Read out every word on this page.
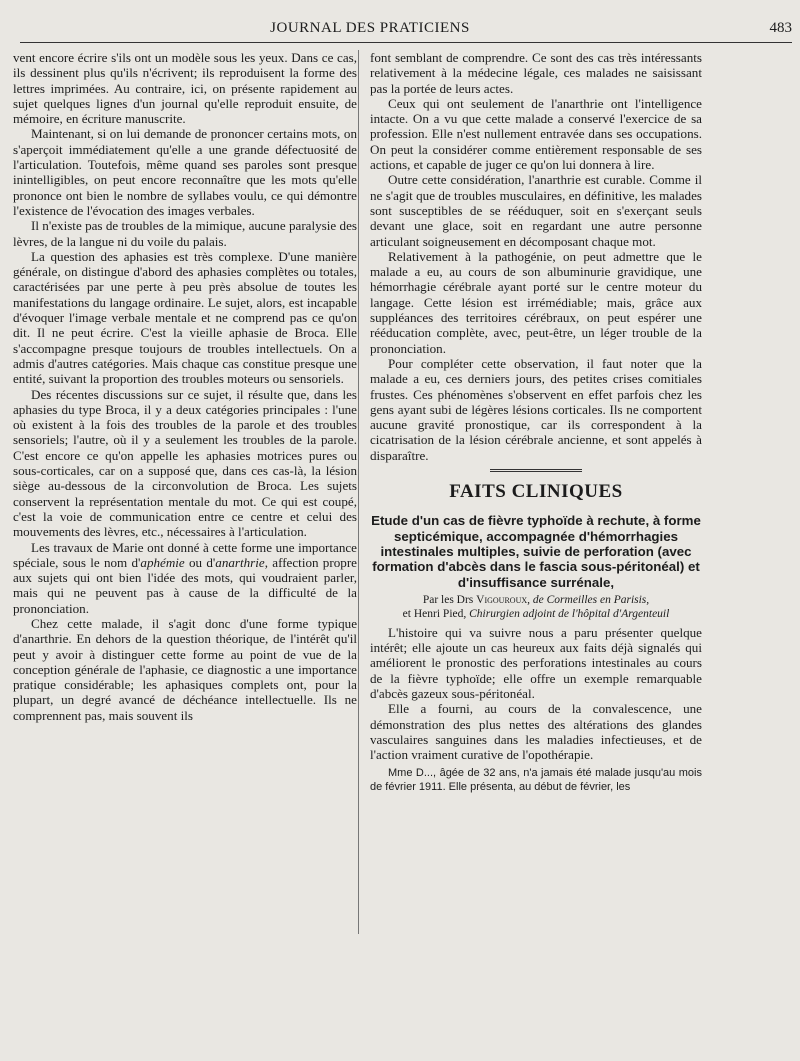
JOURNAL DES PRATICIENS	483

vent encore écrire s'ils ont un modèle sous les yeux. Dans ce cas, ils dessinent plus qu'ils n'écrivent; ils reproduisent la forme des lettres imprimées. Au contraire, ici, on présente rapidement au sujet quelques lignes d'un journal qu'elle reproduit ensuite, de mémoire, en écriture manuscrite.

Maintenant, si on lui demande de prononcer certains mots, on s'aperçoit immédiatement qu'elle a une grande défectuosité de l'articulation. Toutefois, même quand ses paroles sont presque inintelligibles, on peut encore reconnaître que les mots qu'elle prononce ont bien le nombre de syllabes voulu, ce qui démontre l'existence de l'évocation des images verbales.

Il n'existe pas de troubles de la mimique, aucune paralysie des lèvres, de la langue ni du voile du palais.

La question des aphasies est très complexe. D'une manière générale, on distingue d'abord des aphasies complètes ou totales, caractérisées par une perte à peu près absolue de toutes les manifestations du langage ordinaire. Le sujet, alors, est incapable d'évoquer l'image verbale mentale et ne comprend pas ce qu'on dit. Il ne peut écrire. C'est la vieille aphasie de Broca. Elle s'accompagne presque toujours de troubles intellectuels. On a admis d'autres catégories. Mais chaque cas constitue presque une entité, suivant la proportion des troubles moteurs ou sensoriels.

Des récentes discussions sur ce sujet, il résulte que, dans les aphasies du type Broca, il y a deux catégories principales : l'une où existent à la fois des troubles de la parole et des troubles sensoriels; l'autre, où il y a seulement les troubles de la parole. C'est encore ce qu'on appelle les aphasies motrices pures ou sous-corticales, car on a supposé que, dans ces cas-là, la lésion siège au-dessous de la circonvolution de Broca. Les sujets conservent la représentation mentale du mot. Ce qui est coupé, c'est la voie de communication entre ce centre et celui des mouvements des lèvres, etc., nécessaires à l'articulation.

Les travaux de Marie ont donné à cette forme une importance spéciale, sous le nom d'aphémie ou d'anarthrie, affection propre aux sujets qui ont bien l'idée des mots, qui voudraient parler, mais qui ne peuvent pas à cause de la difficulté de la prononciation.

Chez cette malade, il s'agit donc d'une forme typique d'anarthrie. En dehors de la question théorique, de l'intérêt qu'il peut y avoir à distinguer cette forme au point de vue de la conception générale de l'aphasie, ce diagnostic a une importance pratique considérable; les aphasiques complets ont, pour la plupart, un degré avancé de déchéance intellectuelle. Ils ne comprennent pas, mais souvent ils

font semblant de comprendre. Ce sont des cas très intéressants relativement à la médecine légale, ces malades ne saisissant pas la portée de leurs actes.

Ceux qui ont seulement de l'anarthrie ont l'intelligence intacte. On a vu que cette malade a conservé l'exercice de sa profession. Elle n'est nullement entravée dans ses occupations. On peut la considérer comme entièrement responsable de ses actions, et capable de juger ce qu'on lui donnera à lire.

Outre cette considération, l'anarthrie est curable. Comme il ne s'agit que de troubles musculaires, en définitive, les malades sont susceptibles de se rééduquer, soit en s'exerçant seuls devant une glace, soit en regardant une autre personne articulant soigneusement en décomposant chaque mot.

Relativement à la pathogénie, on peut admettre que le malade a eu, au cours de son albuminurie gravidique, une hémorrhagie cérébrale ayant porté sur le centre moteur du langage. Cette lésion est irrémédiable; mais, grâce aux suppléances des territoires cérébraux, on peut espérer une rééducation complète, avec, peut-être, un léger trouble de la prononciation.

Pour compléter cette observation, il faut noter que la malade a eu, ces derniers jours, des petites crises comitiales frustes. Ces phénomènes s'observent en effet parfois chez les gens ayant subi de légères lésions corticales. Ils ne comportent aucune gravité pronostique, car ils correspondent à la cicatrisation de la lésion cérébrale ancienne, et sont appelés à disparaître.

FAITS CLINIQUES

Etude d'un cas de fièvre typhoïde à rechute, à forme septicémique, accompagnée d'hémorrhagies intestinales multiples, suivie de perforation (avec formation d'abcès dans le fascia sous-péritonéal) et d'insuffisance surrénale,

Par les Drs Vigouroux, de Cormeilles en Parisis,

et Henri Pied, Chirurgien adjoint de l'hôpital d'Argenteuil

L'histoire qui va suivre nous a paru présenter quelque intérêt; elle ajoute un cas heureux aux faits déjà signalés qui améliorent le pronostic des perforations intestinales au cours de la fièvre typhoïde; elle offre un exemple remarquable d'abcès gazeux sous-péritonéal.

Elle a fourni, au cours de la convalescence, une démonstration des plus nettes des altérations des glandes vasculaires sanguines dans les maladies infectieuses, et de l'action vraiment curative de l'opothérapie.

Mme D..., âgée de 32 ans, n'a jamais été malade jusqu'au mois de février 1911. Elle présenta, au début de février, les
